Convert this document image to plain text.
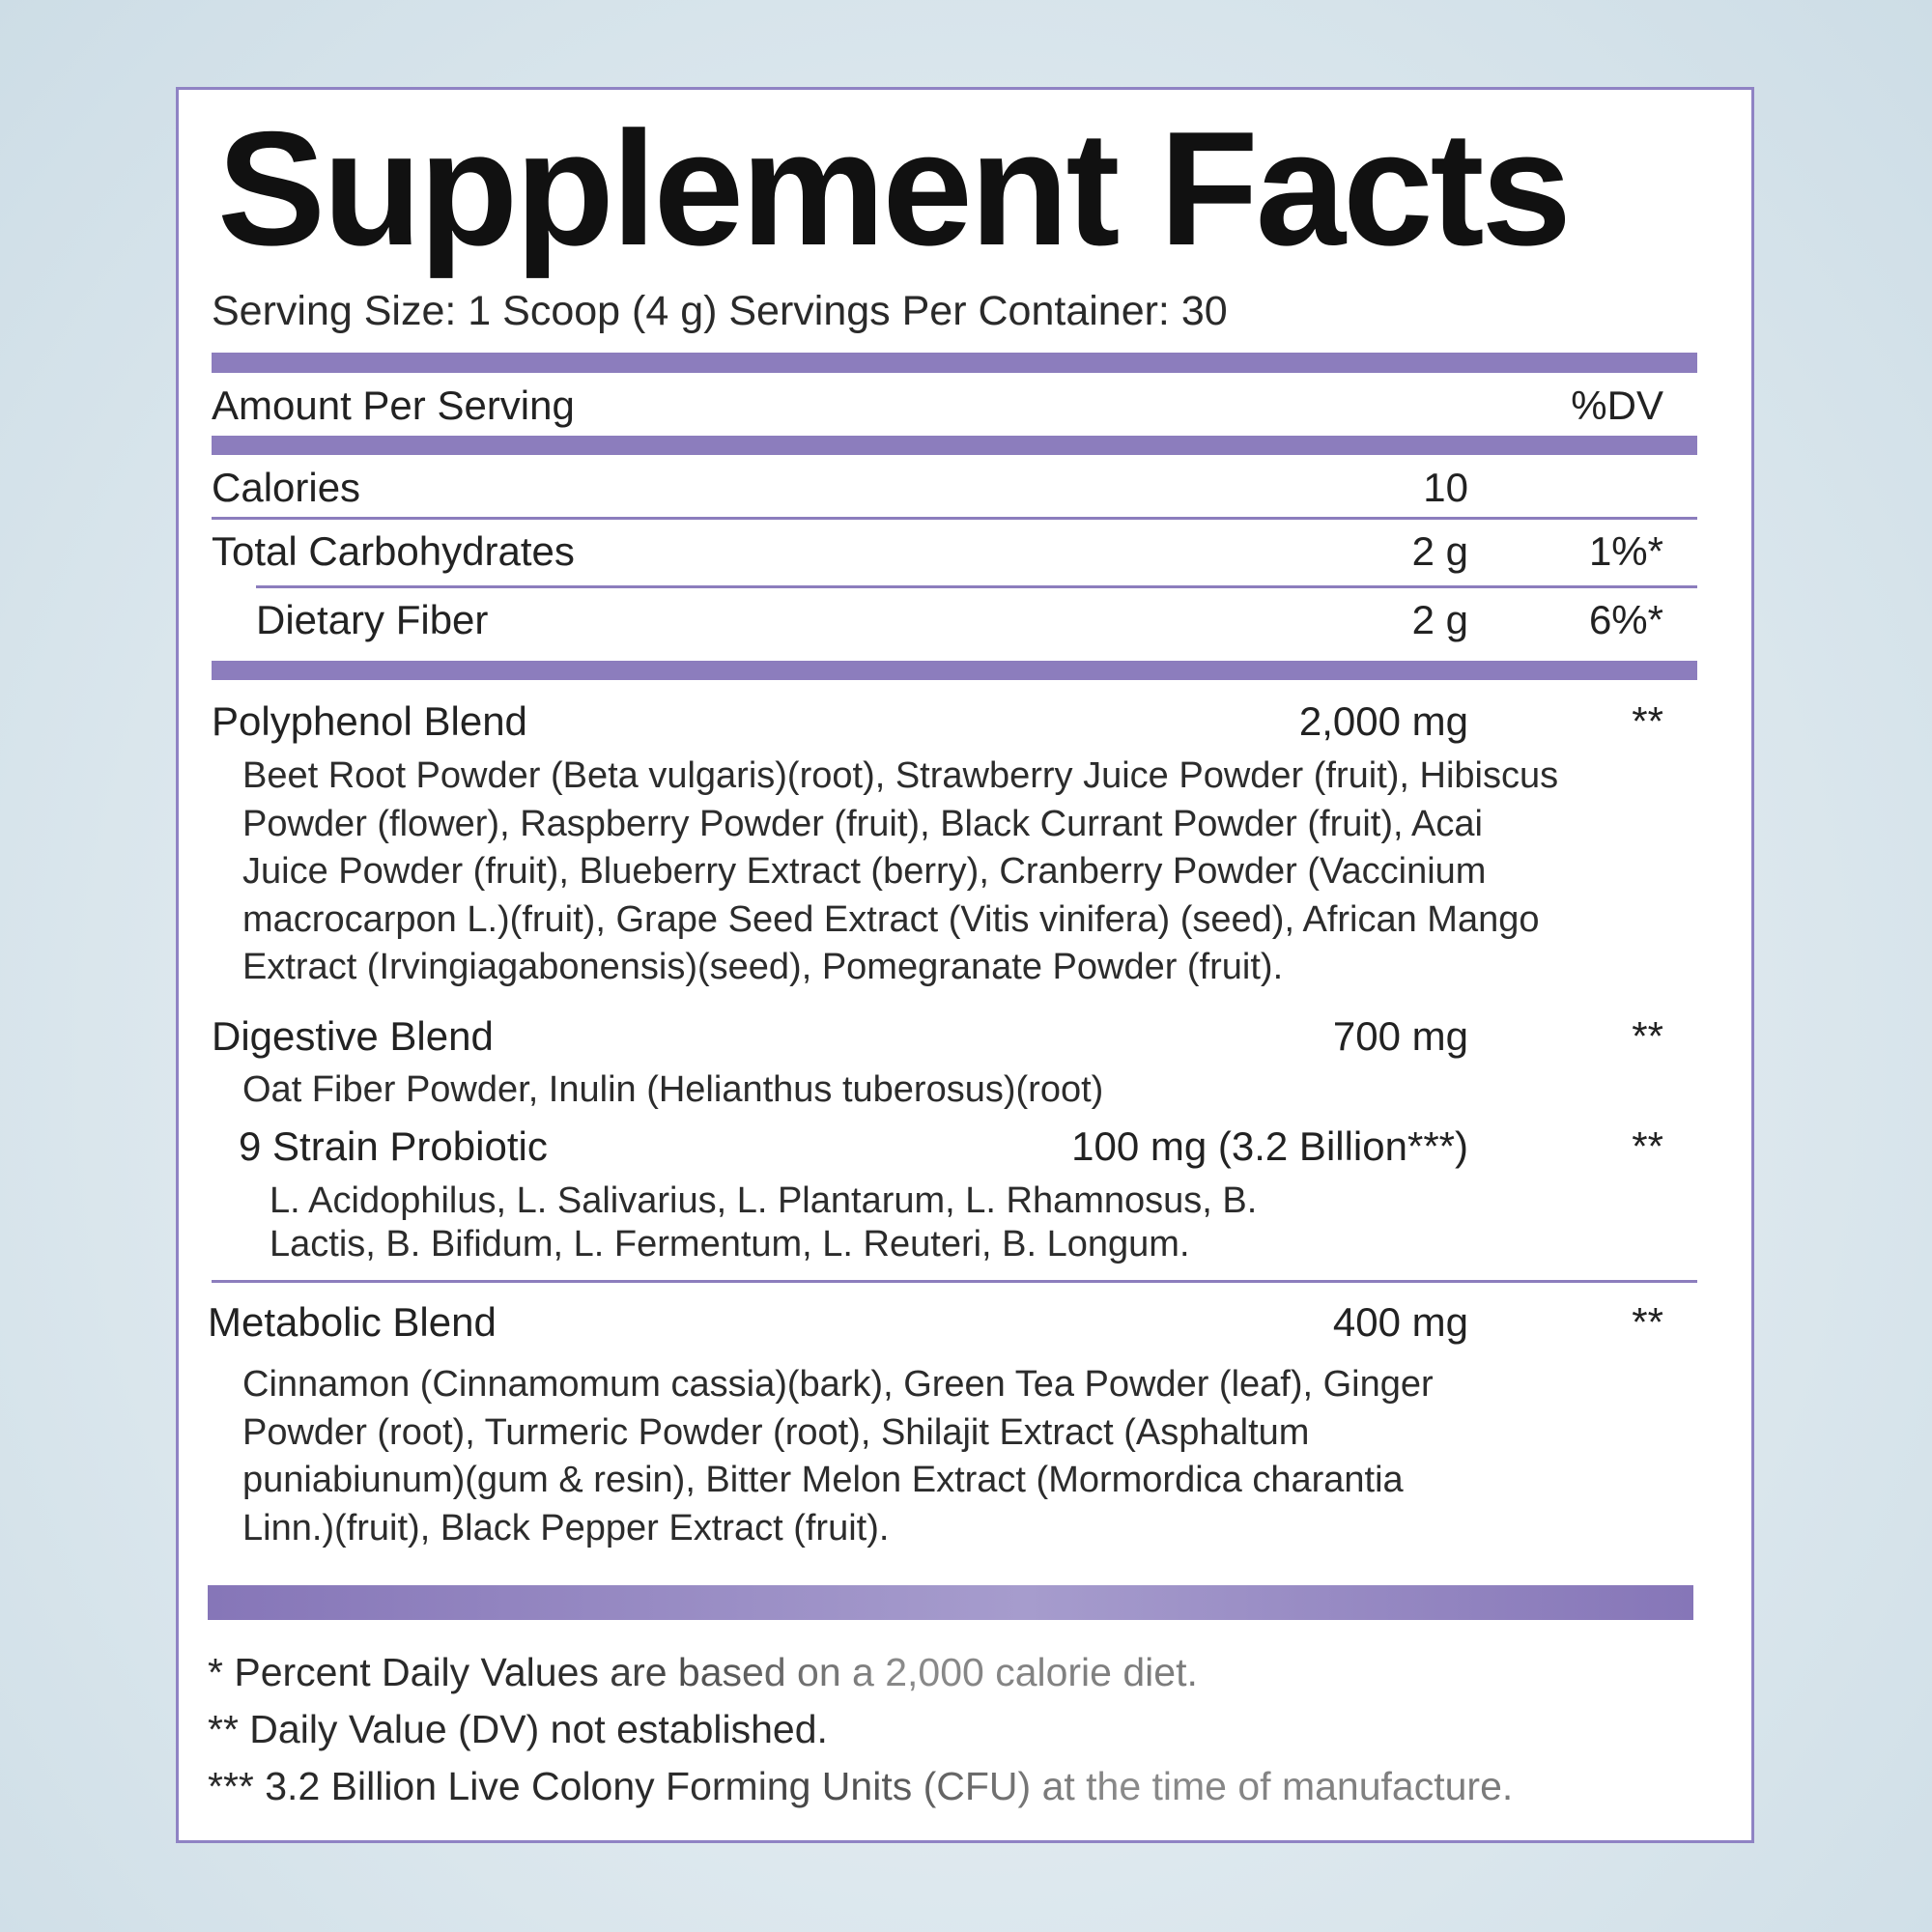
Supplement Facts
Serving Size: 1 Scoop (4 g) Servings Per Container: 30
Amount Per Serving	%DV
Calories	10
Total Carbohydrates	2 g	1%*
Dietary Fiber	2 g	6%*
Polyphenol Blend	2,000 mg	**
Beet Root Powder (Beta vulgaris)(root), Strawberry Juice Powder (fruit), Hibiscus Powder (flower), Raspberry Powder (fruit), Black Currant Powder (fruit), Acai Juice Powder (fruit), Blueberry Extract (berry), Cranberry Powder (Vaccinium macrocarpon L.)(fruit), Grape Seed Extract (Vitis vinifera) (seed), African Mango Extract (Irvingiagabonensis)(seed), Pomegranate Powder (fruit).
Digestive Blend	700 mg	**
Oat Fiber Powder, Inulin (Helianthus tuberosus)(root)
9 Strain Probiotic	100 mg (3.2 Billion***)	**
L. Acidophilus, L. Salivarius, L. Plantarum, L. Rhamnosus, B. Lactis, B. Bifidum, L. Fermentum, L. Reuteri, B. Longum.
Metabolic Blend	400 mg	**
Cinnamon (Cinnamomum cassia)(bark), Green Tea Powder (leaf), Ginger Powder (root), Turmeric Powder (root), Shilajit Extract (Asphaltum puniabiunum)(gum & resin), Bitter Melon Extract (Mormordica charantia Linn.)(fruit), Black Pepper Extract (fruit).
* Percent Daily Values are based on a 2,000 calorie diet.
** Daily Value (DV) not established.
*** 3.2 Billion Live Colony Forming Units (CFU) at the time of manufacture.
